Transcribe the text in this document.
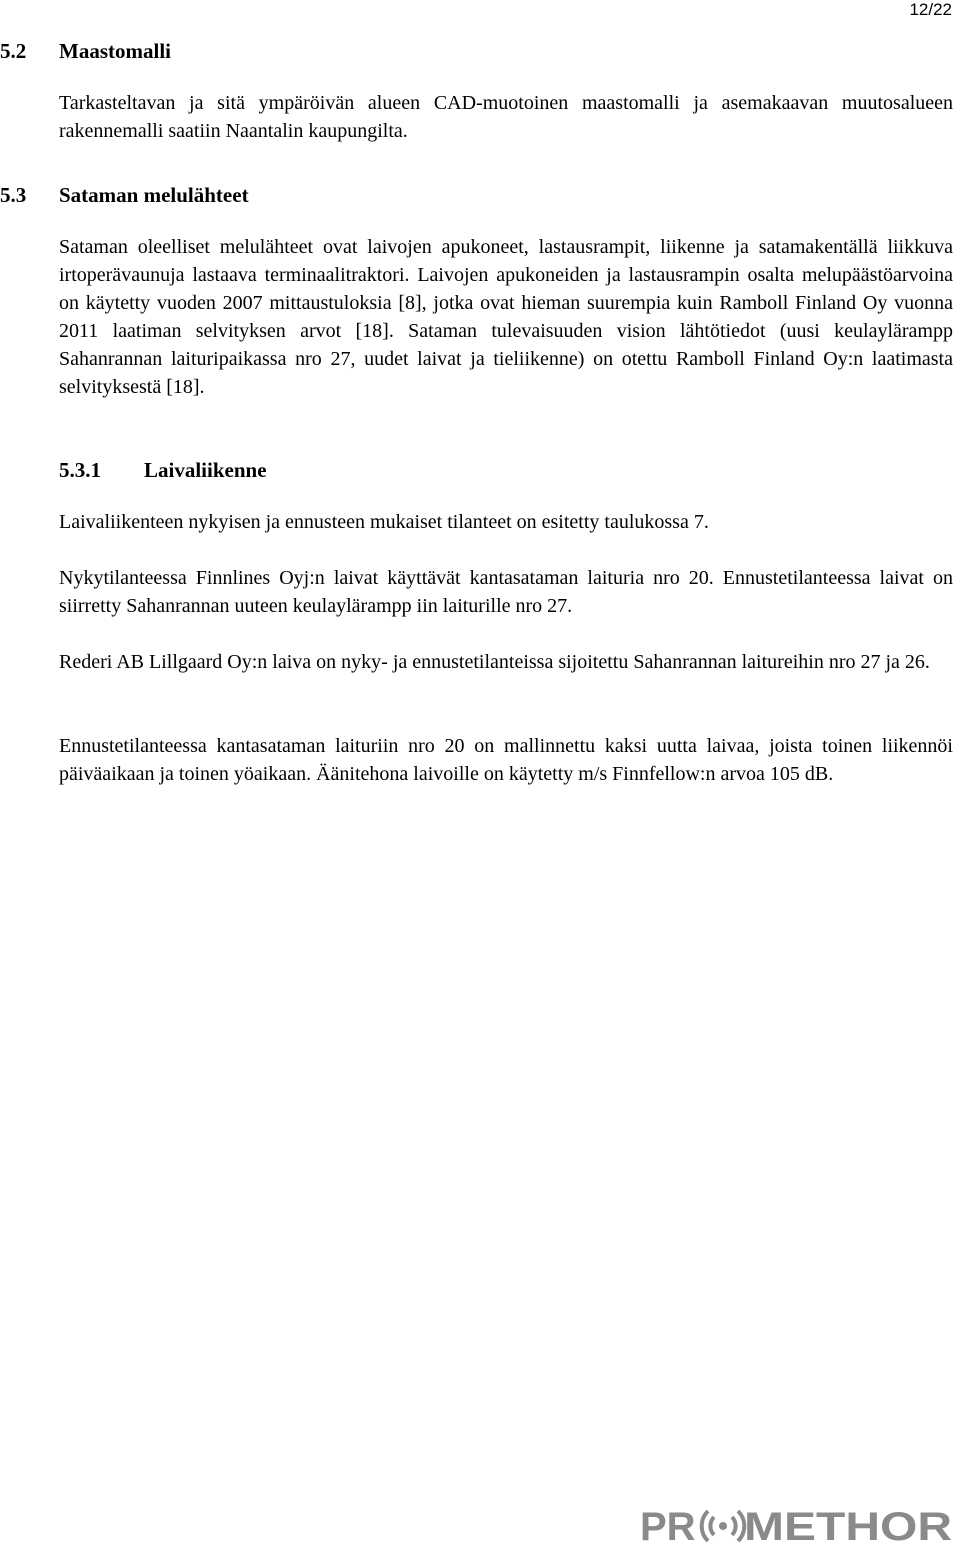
12/22
5.2 Maastomalli

Tarkasteltavan ja sitä ympäröivän alueen CAD-muotoinen maastomalli ja asemakaavan muutosalueen rakennemalli saatiin Naantalin kaupungilta.

5.3 Sataman melulähteet

Sataman oleelliset melulähteet ovat laivojen apukoneet, lastausrampit, liikenne ja satamakentällä liikkuva irtoperävaunuja lastaava terminaalitraktori. Laivojen apukoneiden ja lastausrampin osalta melupäästöarvoina on käytetty vuoden 2007 mittaustuloksia [8], jotka ovat hieman suurempia kuin Ramboll Finland Oy vuonna 2011 laatiman selvityksen arvot [18]. Sataman tulevaisuuden vision lähtötiedot (uusi keulaylärampp Sahanrannan laituripaikassa nro 27, uudet laivat ja tieliikenne) on otettu Ramboll Finland Oy:n laatimasta selvityksestä [18].

5.3.1 Laivaliikenne

Laivaliikenteen nykyisen ja ennusteen mukaiset tilanteet on esitetty taulukossa 7.

Nykytilanteessa Finnlines Oyj:n laivat käyttävät kantasataman laituria nro 20. Ennustetilanteessa laivat on siirretty Sahanrannan uuteen keulaylärampp iin laiturille nro 27.

Rederi AB Lillgaard Oy:n laiva on nyky- ja ennustetilanteissa sijoitettu Sahanrannan laitureihin nro 27 ja 26.

Ennustetilanteessa kantasataman laituriin nro 20 on mallinnettu kaksi uutta laivaa, joista toinen liikennöi päiväaikaan ja toinen yöaikaan. Äänitehona laivoille on käytetty m/s Finnfellow:n arvoa 105 dB.

PR METHOR
